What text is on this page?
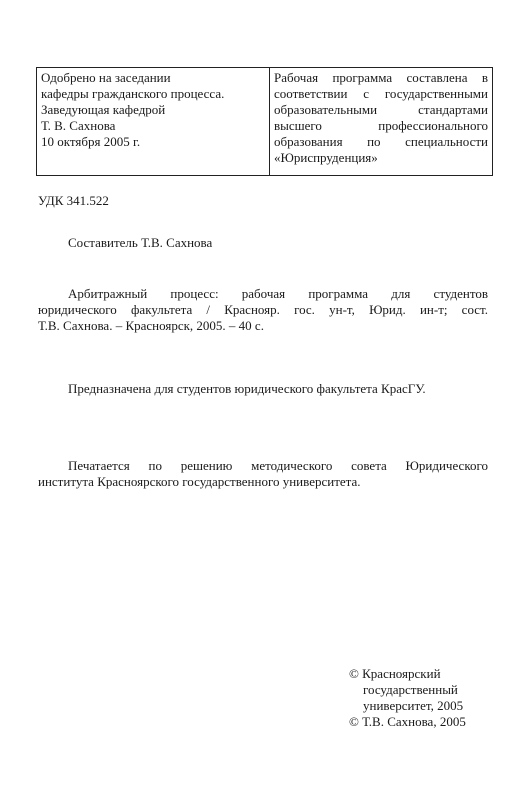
Одобрено на заседании
кафедры гражданского процесса.
Заведующая кафедрой
Т. В. Сахнова
10 октября 2005 г.
Рабочая программа составлена в
соответствии с государственными
образовательными стандартами
высшего профессионального
образования по специальности
«Юриспруденция»
УДК 341.522
Составитель Т.В. Сахнова
Арбитражный процесс: рабочая программа для студентов
юридического факультета / Краснояр. гос. ун-т, Юрид. ин-т; сост.
Т.В. Сахнова. – Красноярск, 2005. – 40 с.
Предназначена для студентов юридического факультета КрасГУ.
Печатается по решению методического совета Юридического
института Красноярского государственного университета.
© Красноярский
государственный
университет, 2005
© Т.В. Сахнова, 2005
